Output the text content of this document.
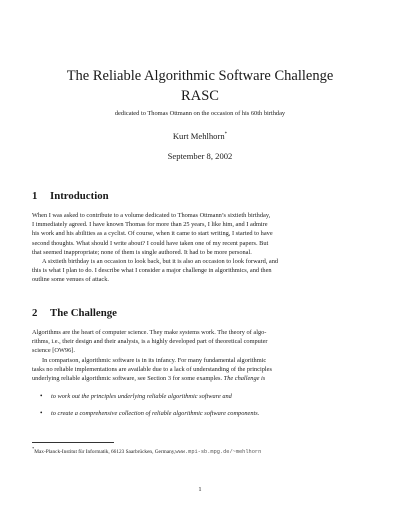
The Reliable Algorithmic Software Challenge
RASC
dedicated to Thomas Ottmann on the occasion of his 60th birthday
Kurt Mehlhorn*
September 8, 2002
1 Introduction
When I was asked to contribute to a volume dedicated to Thomas Ottmann’s sixtieth birthday,
I immediately agreed. I have known Thomas for more than 25 years, I like him, and I admire
his work and his abilities as a cyclist. Of course, when it came to start writing, I started to have
second thoughts. What should I write about? I could have taken one of my recent papers. But
that seemed inappropriate; none of them is single authored. It had to be more personal.
A sixtieth birthday is an occasion to look back, but it is also an occasion to look forward, and
this is what I plan to do. I describe what I consider a major challenge in algorithmics, and then
outline some venues of attack.
2 The Challenge
Algorithms are the heart of computer science. They make systems work. The theory of algo-
rithms, i.e., their design and their analysis, is a highly developed part of theoretical computer
science [OW96].
In comparison, algorithmic software is in its infancy. For many fundamental algorithmic
tasks no reliable implementations are available due to a lack of understanding of the principles
underlying reliable algorithmic software, see Section 3 for some examples. The challenge is
• to work out the principles underlying reliable algorithmic software and
• to create a comprehensive collection of reliable algorithmic software components.
*Max-Planck-Institut für Informatik, 66123 Saarbrücken, Germany,www.mpi-sb.mpg.de/~mehlhorn
1
